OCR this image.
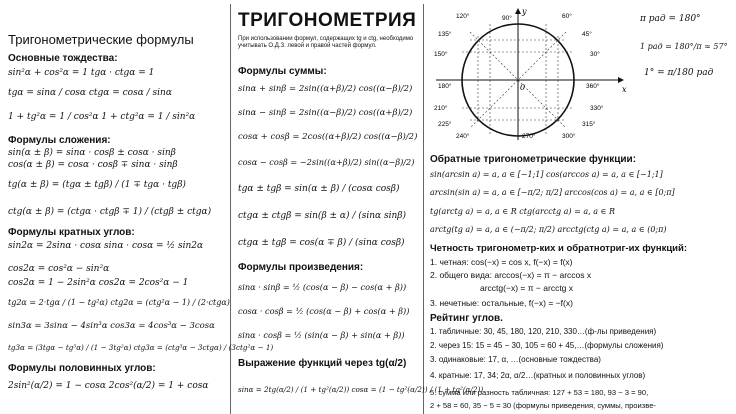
Тригонометрические формулы
Основные тождества:
sin²α + cos²α = 1 tgα · ctgα = 1
tgα = sinα / cosα ctgα = cosα / sinα
1 + tg²α = 1 / cos²α 1 + ctg²α = 1 / sin²α
Формулы сложения:
sin(α ± β) = sinα · cosβ ± cosα · sinβ
cos(α ± β) = cosα · cosβ ∓ sinα · sinβ
tg(α ± β) = (tgα ± tgβ) / (1 ∓ tgα · tgβ)
ctg(α ± β) = (ctgα · ctgβ ∓ 1) / (ctgβ ± ctgα)
Формулы кратных углов:
sin2α = 2sinα · cosα sinα · cosα = ½ sin2α
cos2α = cos²α − sin²α
cos2α = 1 − 2sin²α cos2α = 2cos²α − 1
tg2α = 2·tgα / (1 − tg²α) ctg2α = (ctg²α − 1) / (2·ctgα)
sin3α = 3sinα − 4sin³α cos3α = 4cos³α − 3cosα
tg3α = (3tgα − tg³α) / (1 − 3tg²α) ctg3α = (ctg³α − 3ctgα) / (3ctg²α − 1)
Формулы половинных углов:
2sin²(α/2) = 1 − cosα 2cos²(α/2) = 1 + cosα
ТРИГОНОМЕТРИЯ
При использовании формул, содержащих tg и ctg, необходимо учитывать О.Д.З. левой и правой частей формул.
Формулы суммы:
sinα + sinβ = 2sin((α+β)/2) cos((α−β)/2)
sinα − sinβ = 2sin((α−β)/2) cos((α+β)/2)
cosα + cosβ = 2cos((α+β)/2) cos((α−β)/2)
cosα − cosβ = −2sin((α+β)/2) sin((α−β)/2)
tgα ± tgβ = sin(α ± β) / (cosα cosβ)
ctgα ± ctgβ = sin(β ± α) / (sinα sinβ)
ctgα ± tgβ = cos(α ∓ β) / (sinα cosβ)
Формулы произведения:
sinα · sinβ = ½ (cos(α − β) − cos(α + β))
cosα · cosβ = ½ (cos(α − β) + cos(α + β))
sinα · cosβ = ½ (sin(α − β) + sin(α + β))
Выражение функций через tg(α/2)
sinα = 2tg(α/2) / (1 + tg²(α/2)) cosα = (1 − tg²(α/2)) / (1 + tg²(α/2))
x
y
0
90°
120°	60°
135°	45°
150°	30°
180°	360°
210°	330°
225°	315°
240°	300°
270°
π рад = 180°
1 рад = 180°/π ≈ 57°
1° = π/180 рад
Обратные тригонометрические функции:
sin(arcsin a) = a, a ∈ [−1;1] cos(arccos a) = a, a ∈ [−1;1]
arcsin(sin a) = a, a ∈ [−π/2; π/2] arccos(cos a) = a, a ∈ [0;π]
tg(arctg a) = a, a ∈ R ctg(arcctg a) = a, a ∈ R
arctg(tg a) = a, a ∈ (−π/2; π/2) arcctg(ctg a) = a, a ∈ (0;π)
Четность тригонометр-ких и обратнотриг-их функций:
1. четная: cos(−x) = cos x, f(−x) = f(x)
2. общего вида: arccos(−x) = π − arccos x
arcctg(−x) = π − arcctg x
3. нечетные: остальные, f(−x) = −f(x)
Рейтинг углов.
1. табличные: 30, 45, 180, 120, 210, 330…(ф-лы приведения)
2. через 15: 15 = 45 − 30, 105 = 60 + 45,…(формулы сложения)
3. одинаковые: 17, α, …(основные тождества)
4. кратные: 17, 34; 2α, α/2…(кратных и половинных углов)
5. сумма или разность табличная: 127 + 53 = 180, 93 − 3 = 90,
2 + 58 = 60, 35 − 5 = 30 (формулы приведения, суммы, произве-
